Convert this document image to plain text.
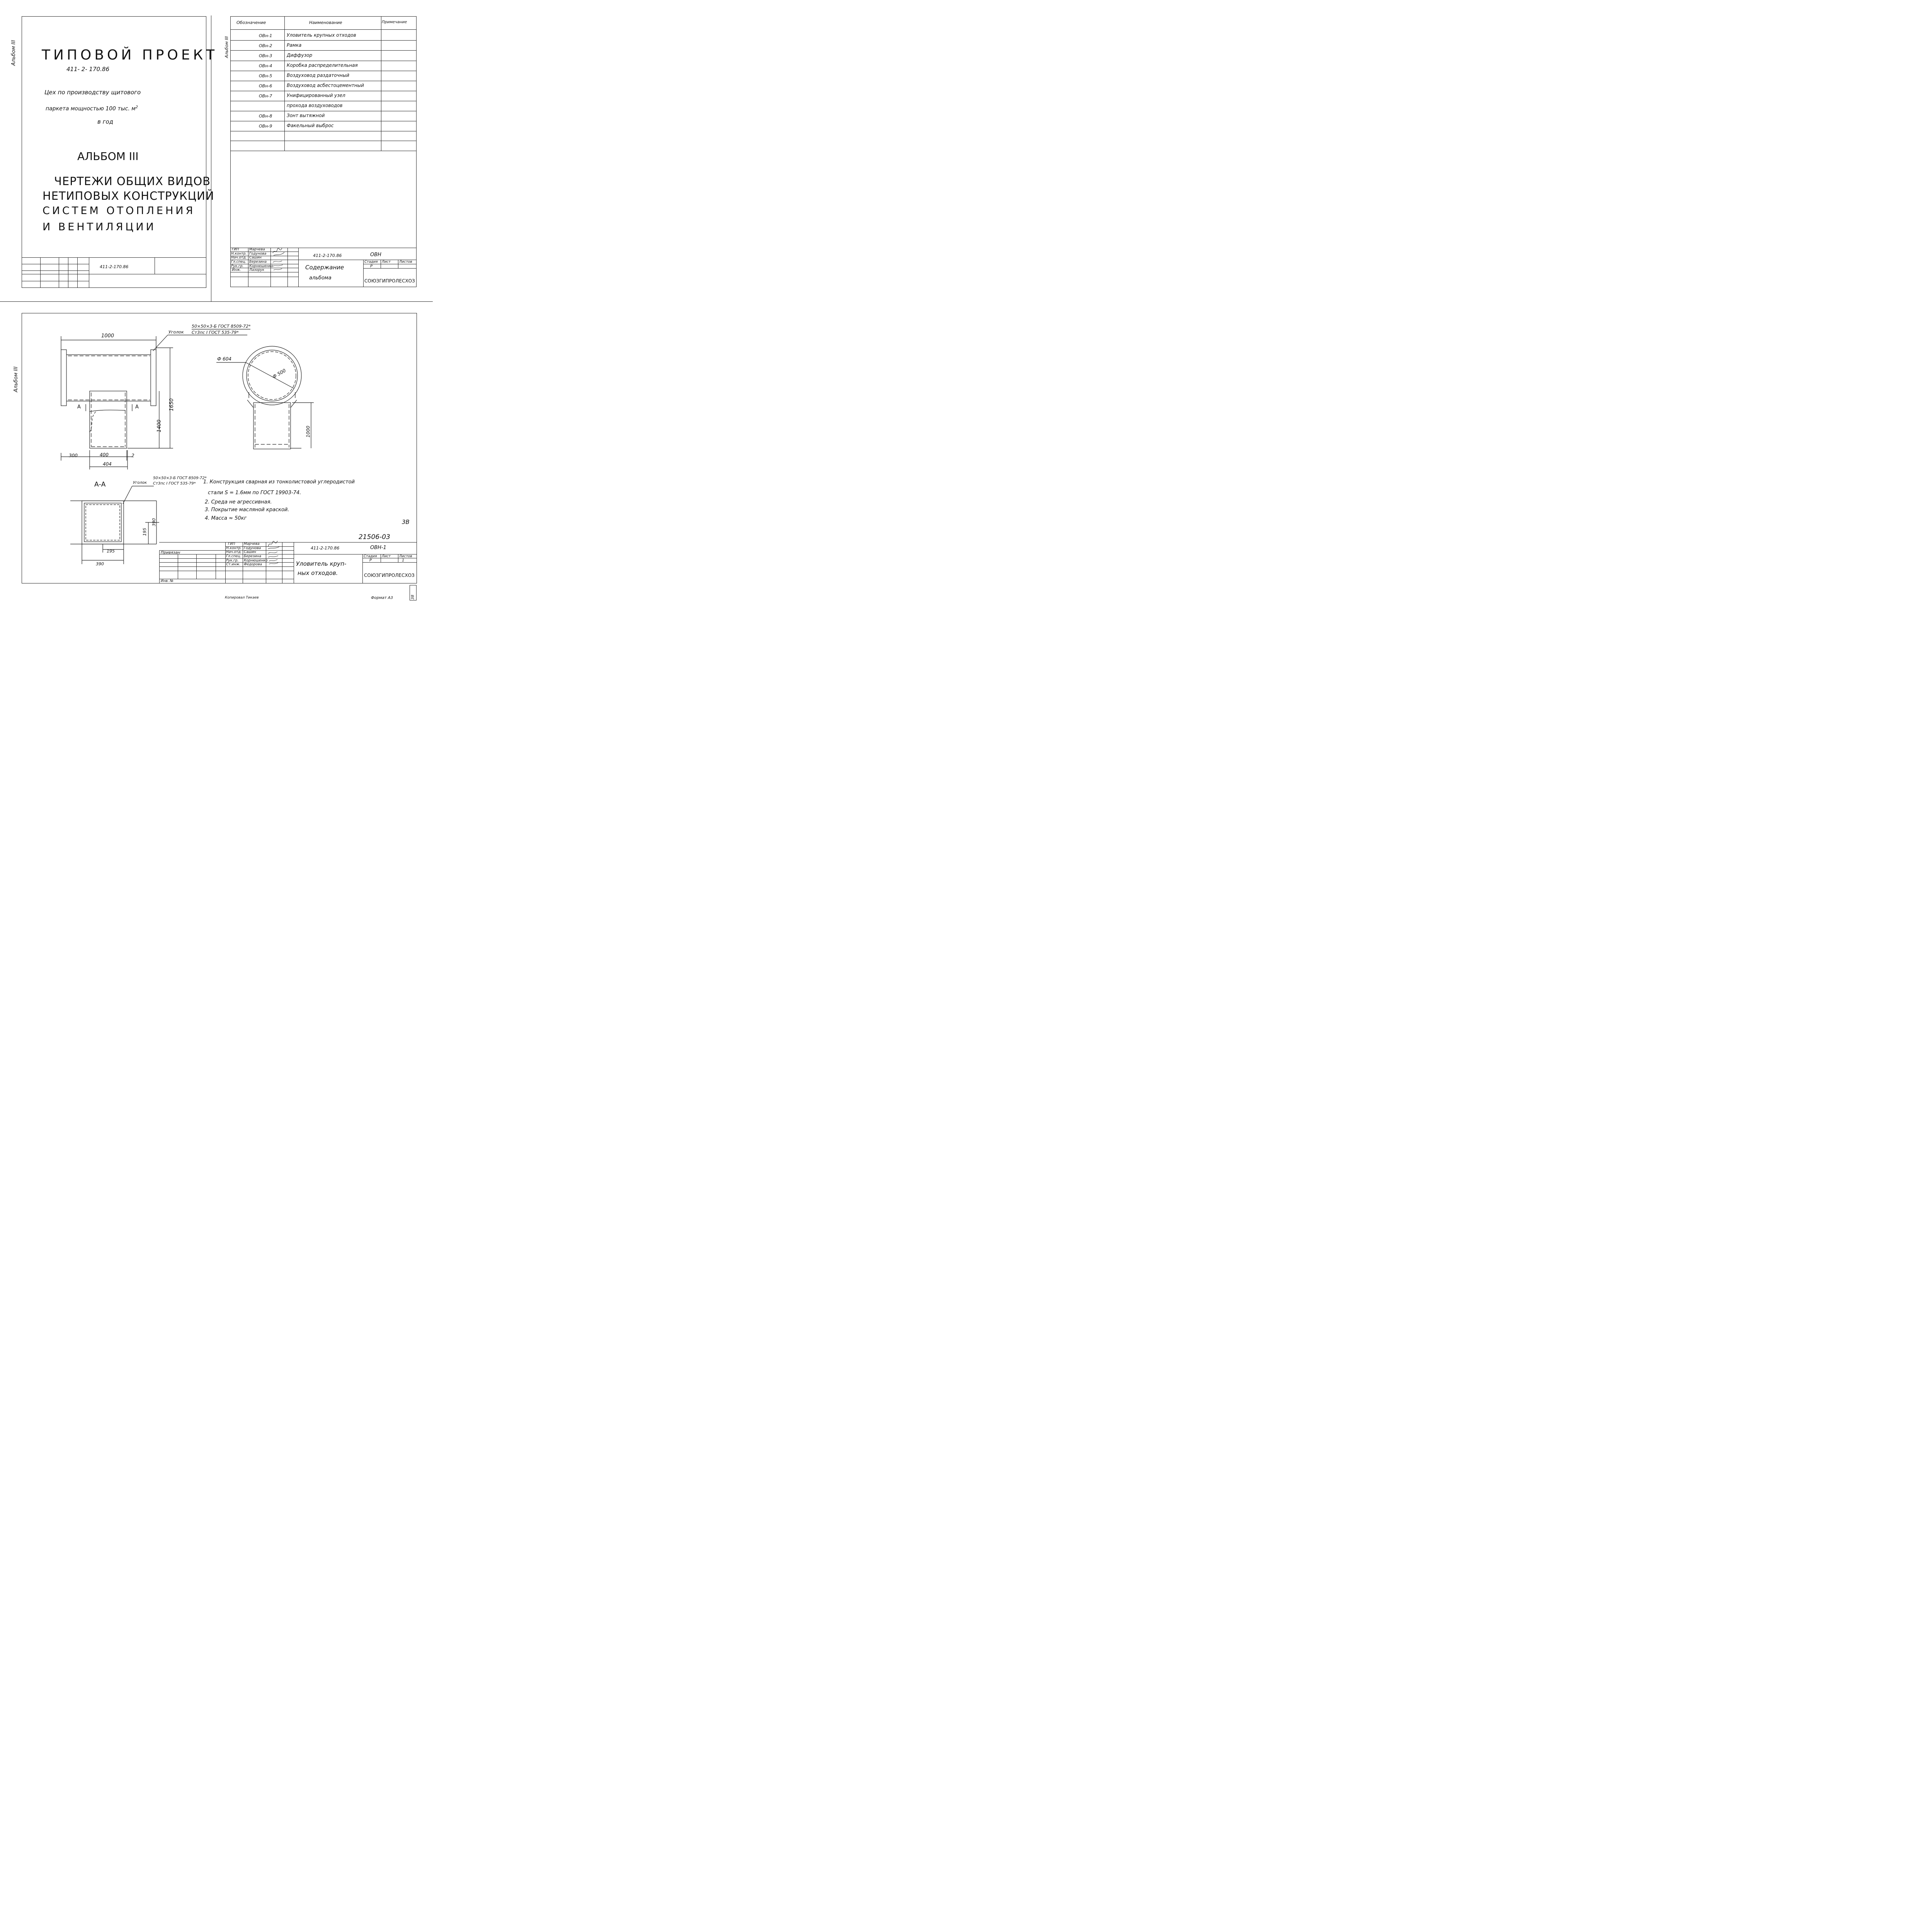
Альбом III ТИПОВОЙ ПРОЕКТ
411- 2- 170.86
Цех по производству щитового
паркета мощностью 100 тыс. $м^2$
в год
АЛЬБОМ III
ЧЕРТЕЖИ ОБЩИХ ВИДОВ
НЕТИПОВЫХ КОНСТРУКЦИЙ
СИСТЕМ ОТОПЛЕНИЯ
И ВЕНТИЛЯЦИИ
411-2-170.86
Альбом III
Обозначение	Наименование	Примечание
ОВн-1	Уловитель крупных отходов
ОВн-2	Рамка
ОВн-3	Диффузор
ОВн-4	Коробка распределительная
ОВн-5	Воздуховод раздаточный
ОВн-6	Воздуховод асбестоцементный
ОВн-7	Унифицированный узел
прохода воздуховодов
ОВн-8	Зонт вытяжной
ОВн-9	Факельный выброс
ГИП
Н.контр.
Нач.отд.
Гл.спец.
Рук.гр.
Инж.
Марчева
Годунова
Сашин
Березина
Корнюшенко
Лазорук
411-2-170.86	ОВН
Содержание
альбома
Стадия Лист Листов
Р
СОЮЗГИПРОЛЕСХОЗ
Альбом III
Уголок
50×50×3-Б ГОСТ 8509-72*
Ст3пс I ГОСТ 535-79*
1000
1650
1400
300	400	2
404
А	А
Ф 604
Ф 500
1000
А-А	Уголок
50×50×3-Б ГОСТ 8509-72*
Ст3пс I ГОСТ 535-79*
195
390
195
390
1. Конструкция сварная из тонколистовой углеродистой
стали S = 1.6мм по ГОСТ 19903-74.
2. Среда не агрессивная.
3. Покрытие масляной краской.
4. Масса ≈ 50кг
3В
21506-03
Привязан
Инв. №
ГИП
Н.контр.
Нач.отд.
Гл.спец.
Рук.гр.
Ст.инж.
Марчева
Годунова
Сашин
Березина
Корнюшенко
Федорова
411-2-170.86	ОВН-1
Уловитель круп-
ных отходов.
Стадия Лист Листов
Р	1
СОЮЗГИПРОЛЕСХОЗ
Копировал Тикаев	Формат А3	38
